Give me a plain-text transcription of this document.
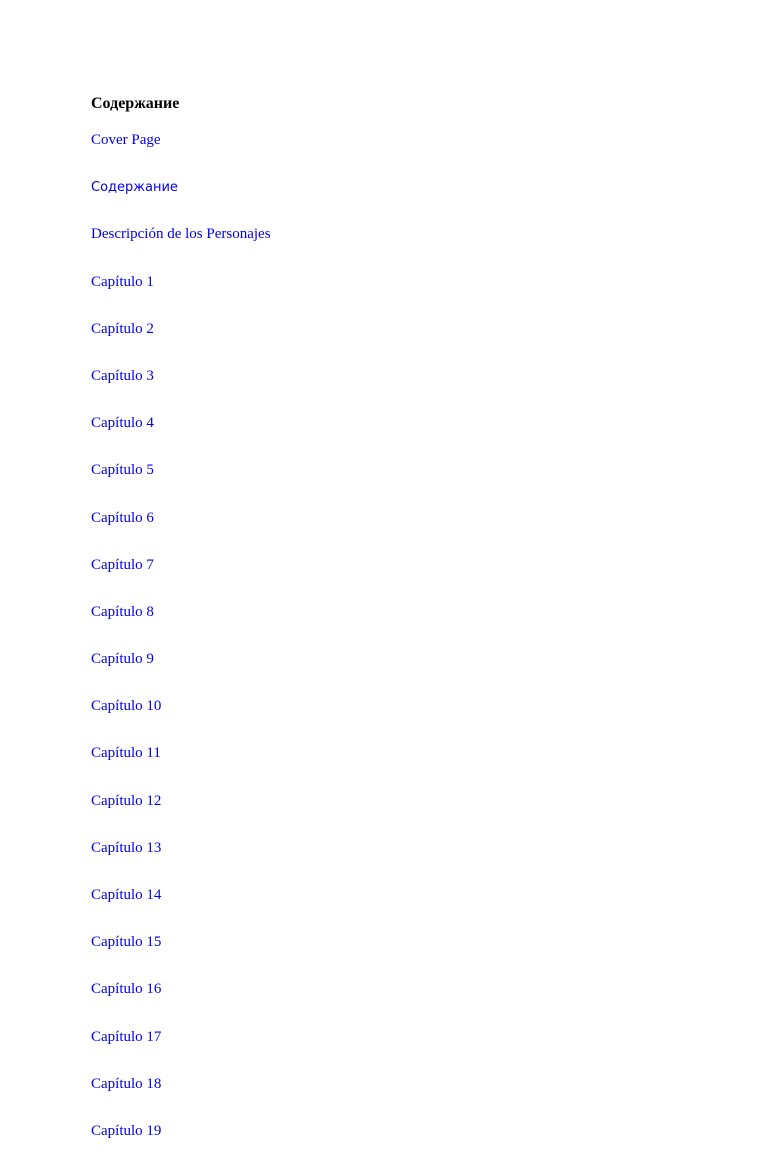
Содержание
Cover Page
Содержание
Descripción de los Personajes
Capítulo 1
Capítulo 2
Capítulo 3
Capítulo 4
Capítulo 5
Capítulo 6
Capítulo 7
Capítulo 8
Capítulo 9
Capítulo 10
Capítulo 11
Capítulo 12
Capítulo 13
Capítulo 14
Capítulo 15
Capítulo 16
Capítulo 17
Capítulo 18
Capítulo 19
